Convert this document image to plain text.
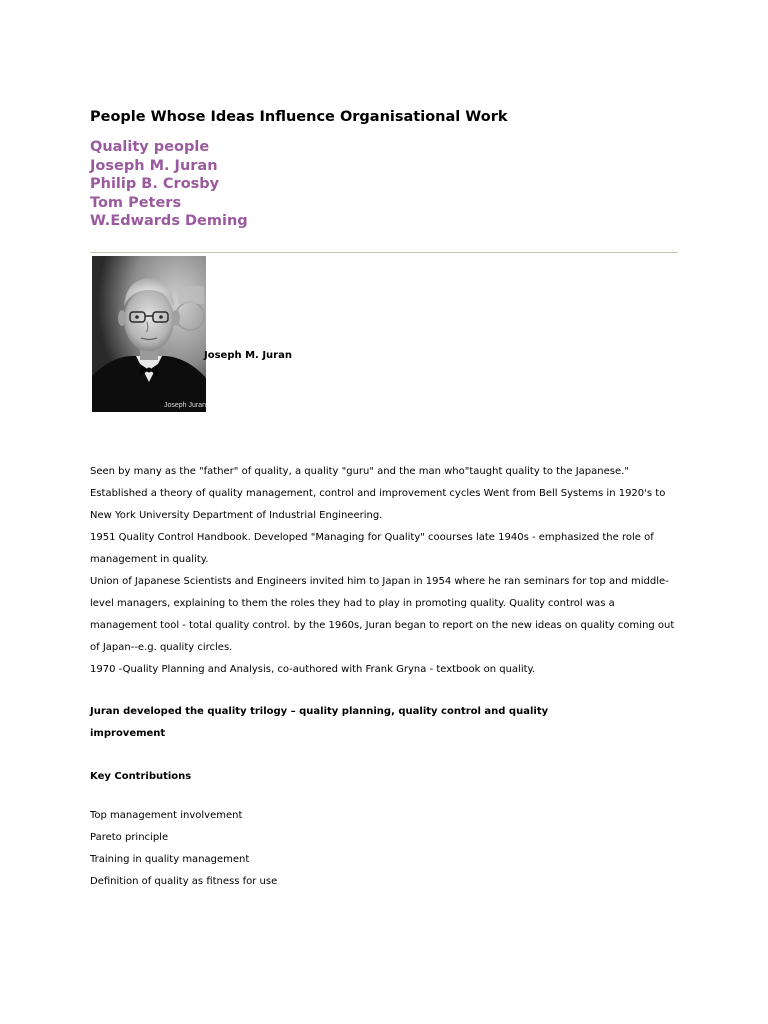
People Whose Ideas Influence Organisational Work
Quality people
Joseph M. Juran
Philip B. Crosby
Tom Peters
W.Edwards Deming
Joseph Juran
Joseph M. Juran

Seen by many as the "father" of quality, a quality "guru" and the man who"taught quality to the Japanese."

Established a theory of quality management, control and improvement cycles Went from Bell Systems in 1920's to New York University Department of Industrial Engineering.

1951 Quality Control Handbook. Developed "Managing for Quality" coourses late 1940s - emphasized the role of management in quality.

Union of Japanese Scientists and Engineers invited him to Japan in 1954 where he ran seminars for top and middle-level managers, explaining to them the roles they had to play in promoting quality. Quality control was a management tool - total quality control. by the 1960s, Juran began to report on the new ideas on quality coming out of Japan--e.g. quality circles.

1970 -Quality Planning and Analysis, co-authored with Frank Gryna - textbook on quality.

Juran developed the quality trilogy – quality planning, quality control and quality improvement

Key Contributions
Top management involvement
Pareto principle
Training in quality management
Definition of quality as fitness for use
